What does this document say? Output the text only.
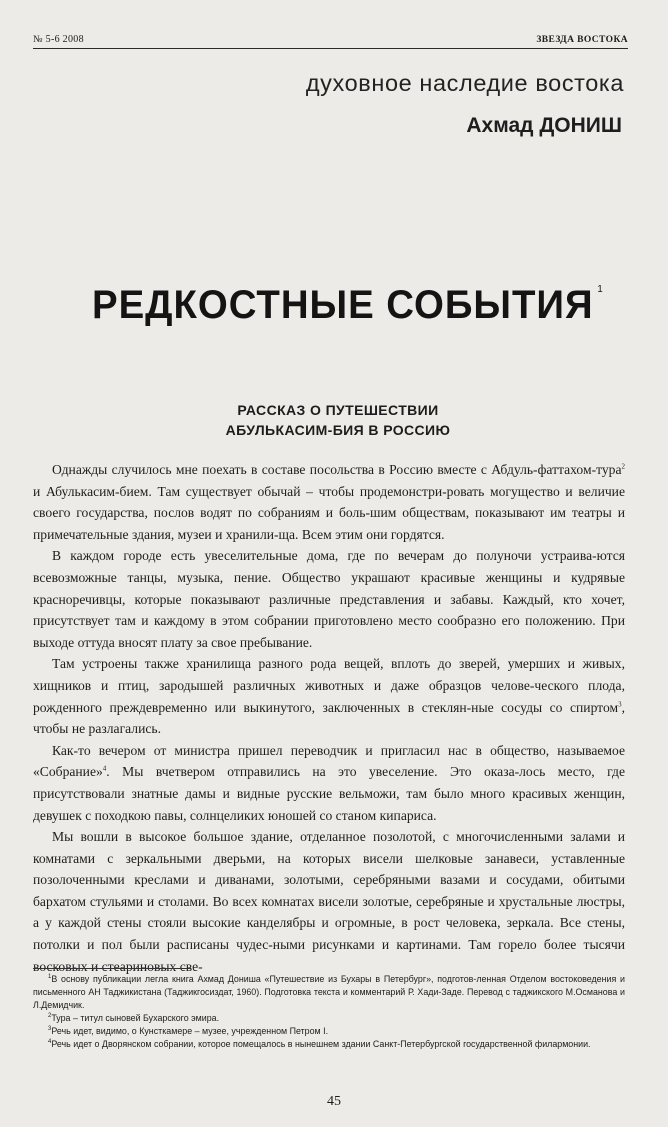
№ 5-6 2008	ЗВЕЗДА ВОСТОКА
духовное наследие востока
Ахмад ДОНИШ
РЕДКОСТНЫЕ СОБЫТИЯ $^1$
РАССКАЗ О ПУТЕШЕСТВИИ
АБУЛЬКАСИМ-БИЯ В РОССИЮ

Однажды случилось мне поехать в составе посольства в Россию вместе с Абдуль-фаттахом-тура$^2$ и Абулькасим-бием. Там существует обычай – чтобы продемонстри-ровать могущество и величие своего государства, послов водят по собраниям и боль-шим обществам, показывают им театры и примечательные здания, музеи и хранили-ща. Всем этим они гордятся.

В каждом городе есть увеселительные дома, где по вечерам до полуночи устраива-ются всевозможные танцы, музыка, пение. Общество украшают красивые женщины и кудрявые красноречивцы, которые показывают различные представления и забавы. Каждый, кто хочет, присутствует там и каждому в этом собрании приготовлено место сообразно его положению. При выходе оттуда вносят плату за свое пребывание.

Там устроены также хранилища разного рода вещей, вплоть до зверей, умерших и живых, хищников и птиц, зародышей различных животных и даже образцов челове-ческого плода, рожденного преждевременно или выкинутого, заключенных в стеклян-ные сосуды со спиртом$^3$, чтобы не разлагались.

Как-то вечером от министра пришел переводчик и пригласил нас в общество, называемое «Собрание»$^4$. Мы вчетвером отправились на это увеселение. Это оказа-лось место, где присутствовали знатные дамы и видные русские вельможи, там было много красивых женщин, девушек с походкою павы, солнцеликих юношей со станом кипариса.

Мы вошли в высокое большое здание, отделанное позолотой, с многочисленными залами и комнатами с зеркальными дверьми, на которых висели шелковые занавеси, уставленные позолоченными креслами и диванами, золотыми, серебряными вазами и сосудами, обитыми бархатом стульями и столами. Во всех комнатах висели золотые, серебряные и хрустальные люстры, а у каждой стены стояли высокие канделябры и огромные, в рост человека, зеркала. Все стены, потолки и пол были расписаны чудес-ными рисунками и картинами. Там горело более тысячи восковых и стеариновых све-

$^1$В основу публикации легла книга Ахмад Дониша «Путешествие из Бухары в Петербург», подготов-ленная Отделом востоковедения и письменного АН Таджикистана (Таджикгосиздат, 1960). Подготовка текста и комментарий Р. Хади-Заде. Перевод с таджикского М.Османова и Л.Демидчик.

$^2$Тура – титул сыновей Бухарского эмира.

$^3$Речь идет, видимо, о Кунсткамере – музее, учрежденном Петром I.

$^4$Речь идет о Дворянском собрании, которое помещалось в нынешнем здании Санкт-Петербургской государственной филармонии.

45
